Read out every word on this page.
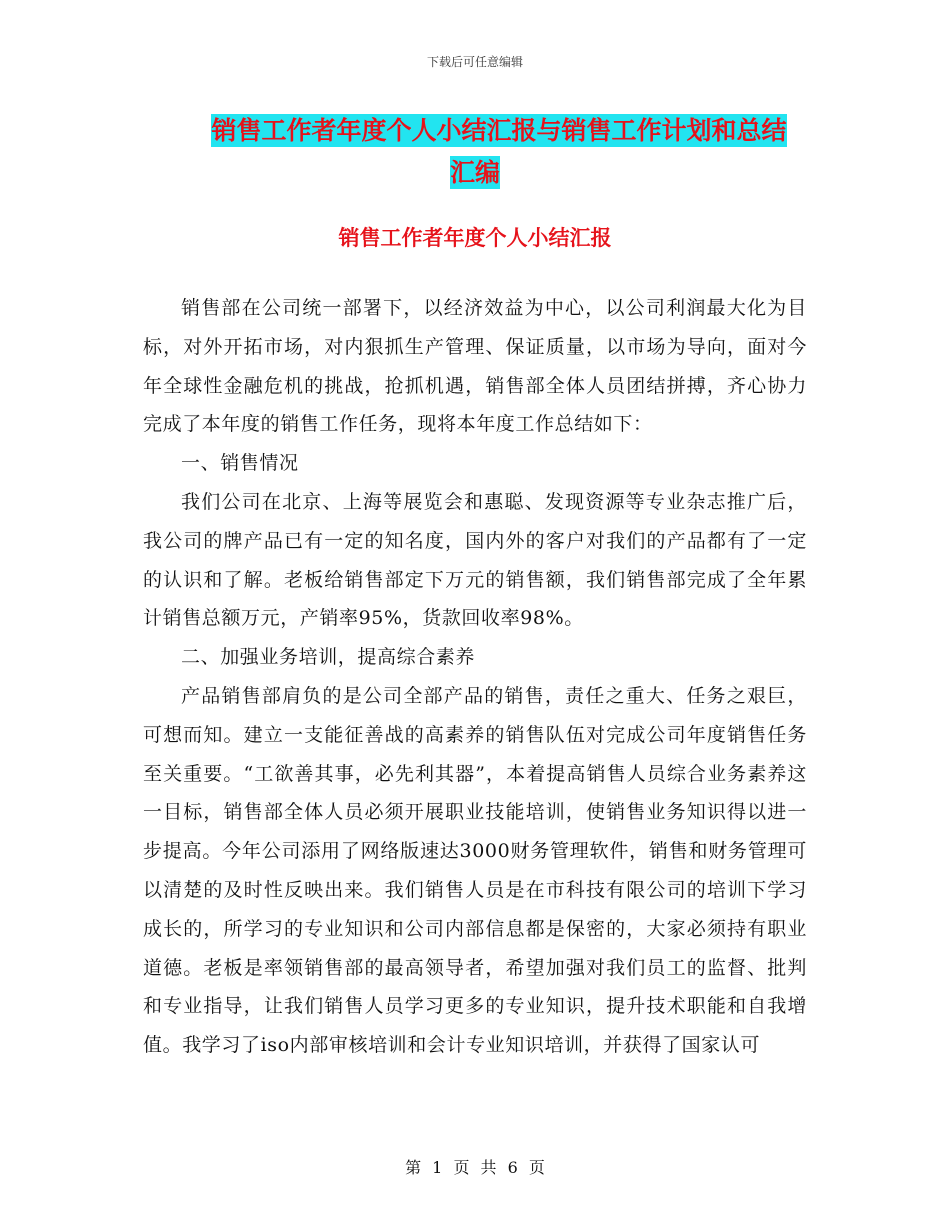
下载后可任意编辑
销售工作者年度个人小结汇报与销售工作计划和总结
汇编
销售工作者年度个人小结汇报

销售部在公司统一部署下，以经济效益为中心，以公司利润最大化为目标，对外开拓市场，对内狠抓生产管理、保证质量，以市场为导向，面对今年全球性金融危机的挑战，抢抓机遇，销售部全体人员团结拼搏，齐心协力完成了本年度的销售工作任务，现将本年度工作总结如下：

一、销售情况

我们公司在北京、上海等展览会和惠聪、发现资源等专业杂志推广后，我公司的牌产品已有一定的知名度，国内外的客户对我们的产品都有了一定的认识和了解。老板给销售部定下万元的销售额，我们销售部完成了全年累计销售总额万元，产销率95%，货款回收率98%。

二、加强业务培训，提高综合素养

产品销售部肩负的是公司全部产品的销售，责任之重大、任务之艰巨，可想而知。建立一支能征善战的高素养的销售队伍对完成公司年度销售任务至关重要。“工欲善其事，必先利其器”，本着提高销售人员综合业务素养这一目标，销售部全体人员必须开展职业技能培训，使销售业务知识得以进一步提高。今年公司添用了网络版速达3000财务管理软件，销售和财务管理可以清楚的及时性反映出来。我们销售人员是在市科技有限公司的培训下学习成长的，所学习的专业知识和公司内部信息都是保密的，大家必须持有职业道德。老板是率领销售部的最高领导者，希望加强对我们员工的监督、批判和专业指导，让我们销售人员学习更多的专业知识，提升技术职能和自我增值。我学习了iso内部审核培训和会计专业知识培训，并获得了国家认可

第 1 页 共 6 页
